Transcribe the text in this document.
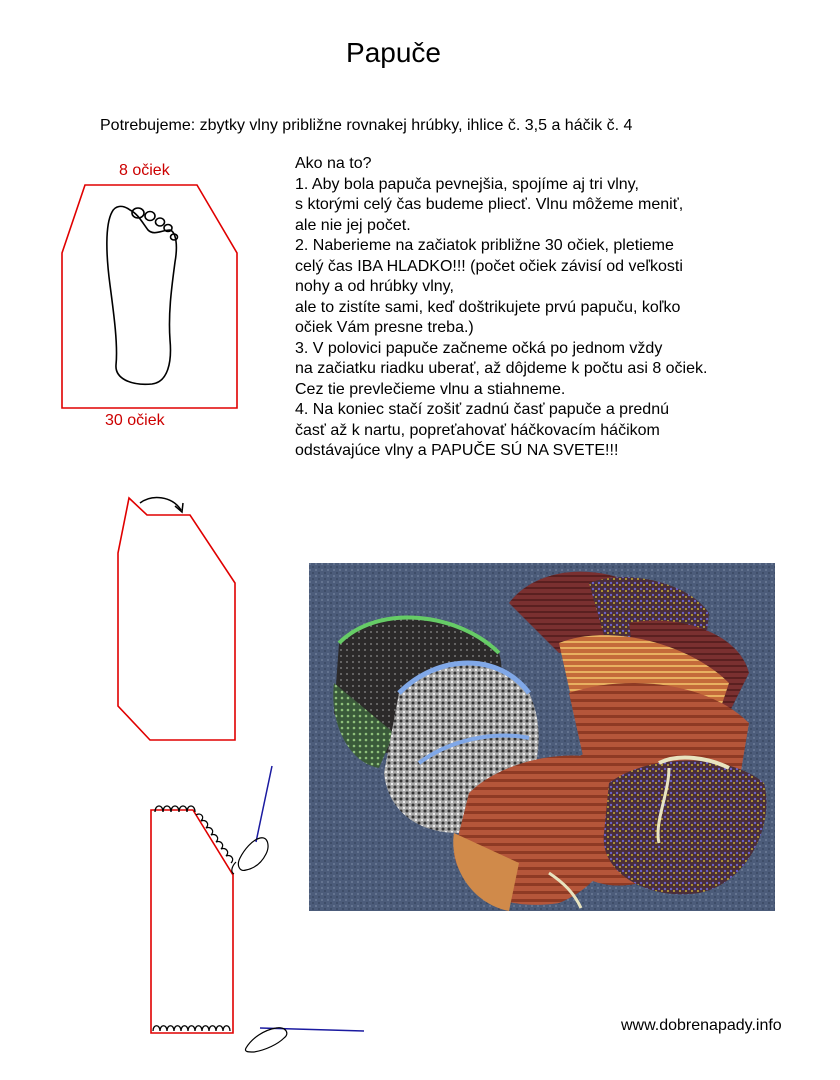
Papuče
Potrebujeme: zbytky vlny približne rovnakej hrúbky, ihlice č. 3,5 a háčik č. 4
8 očiek
30 očiek
Ako na to?
1. Aby bola papuča pevnejšia, spojíme aj tri vlny,
s ktorými celý čas budeme pliecť. Vlnu môžeme meniť,
ale nie jej počet.
2. Naberieme na začiatok približne 30 očiek, pletieme
celý čas IBA HLADKO!!! (počet očiek závisí od veľkosti
nohy a od hrúbky vlny,
ale to zistíte sami, keď doštrikujete prvú papuču, koľko
očiek Vám presne treba.)
3. V polovici papuče začneme očká po jednom vždy
na začiatku riadku uberať, až dôjdeme k počtu asi 8 očiek.
Cez tie prevlečieme vlnu a stiahneme.
4. Na koniec stačí zošiť zadnú časť papuče a prednú
časť až k nartu, popreťahovať háčkovacím háčikom
odstávajúce vlny a PAPUČE SÚ NA SVETE!!!
www.dobrenapady.info
